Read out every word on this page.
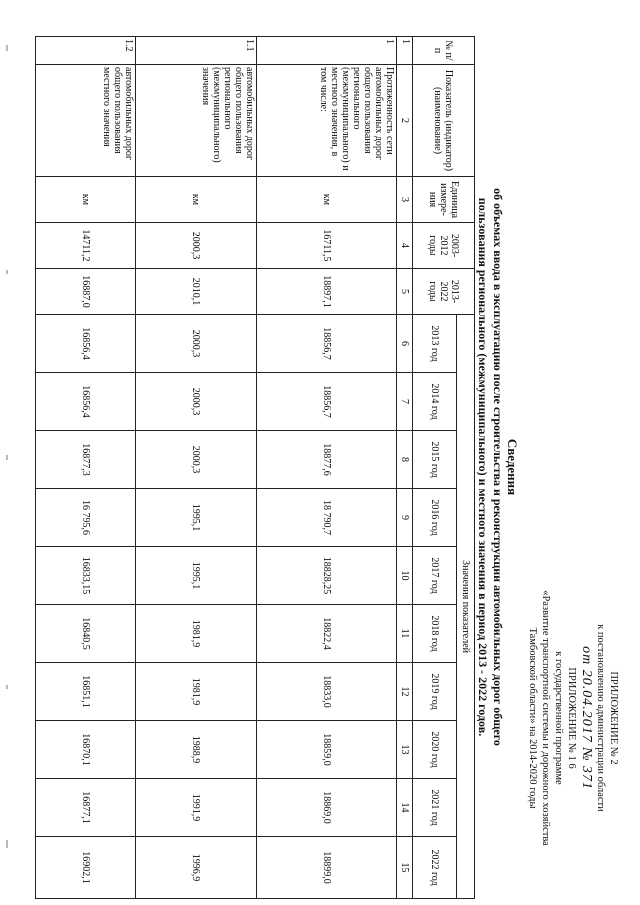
ПРИЛОЖЕНИЕ № 2
к постановлению администрации области
от 20.04.2017 № 371
ПРИЛОЖЕНИЕ № 1 6
к государственной программе
«Развитие транспортной системы и дорожного хозяйства
Тамбовской области» на 2014-2020 годы
Сведения
об объемах ввода в эксплуатацию после строительства и реконструкции автомобильных дорог общего
пользования регионального (межмуниципального) и местного значения в период 2013 - 2022 годов.
№ п/п	Показатель (индикатор) (наименование)	Единица измере-ния	2003-2012 годы	2013-2022 годы	Значения показателей									
					2013 год	2014 год	2015 год	2016 год	2017 год	2018 год	2019 год	2020 год	2021 год	2022 год
1	2	3	4	5	6	7	8	9	10	11	12	13	14	15
1	Протяженность сети автомобильных дорог общего пользования регионального (межмуниципального) и местного значения, в том числе:	км	16711,5	18897,1	18856,7	18856,7	18877,6	18 790,7	18828,25	18822,4	18833,0	18859,0	18869,0	18899,0
1.1	автомобильных дорог общего пользования регионального (межмуниципального) значения	км	2000,3	2010,1	2000,3	2000,3	2000,3	1995,1	1995,1	1981,9	1981,9	1988,9	1991,9	1996,9
1.2	автомобильных дорог общего пользования местного значения	км	14711,2	16887,0	16856,4	16856,4	16877,3	16 795,6	16833,15	16840,5	16851,1	16870,1	16877,1	16902,1
